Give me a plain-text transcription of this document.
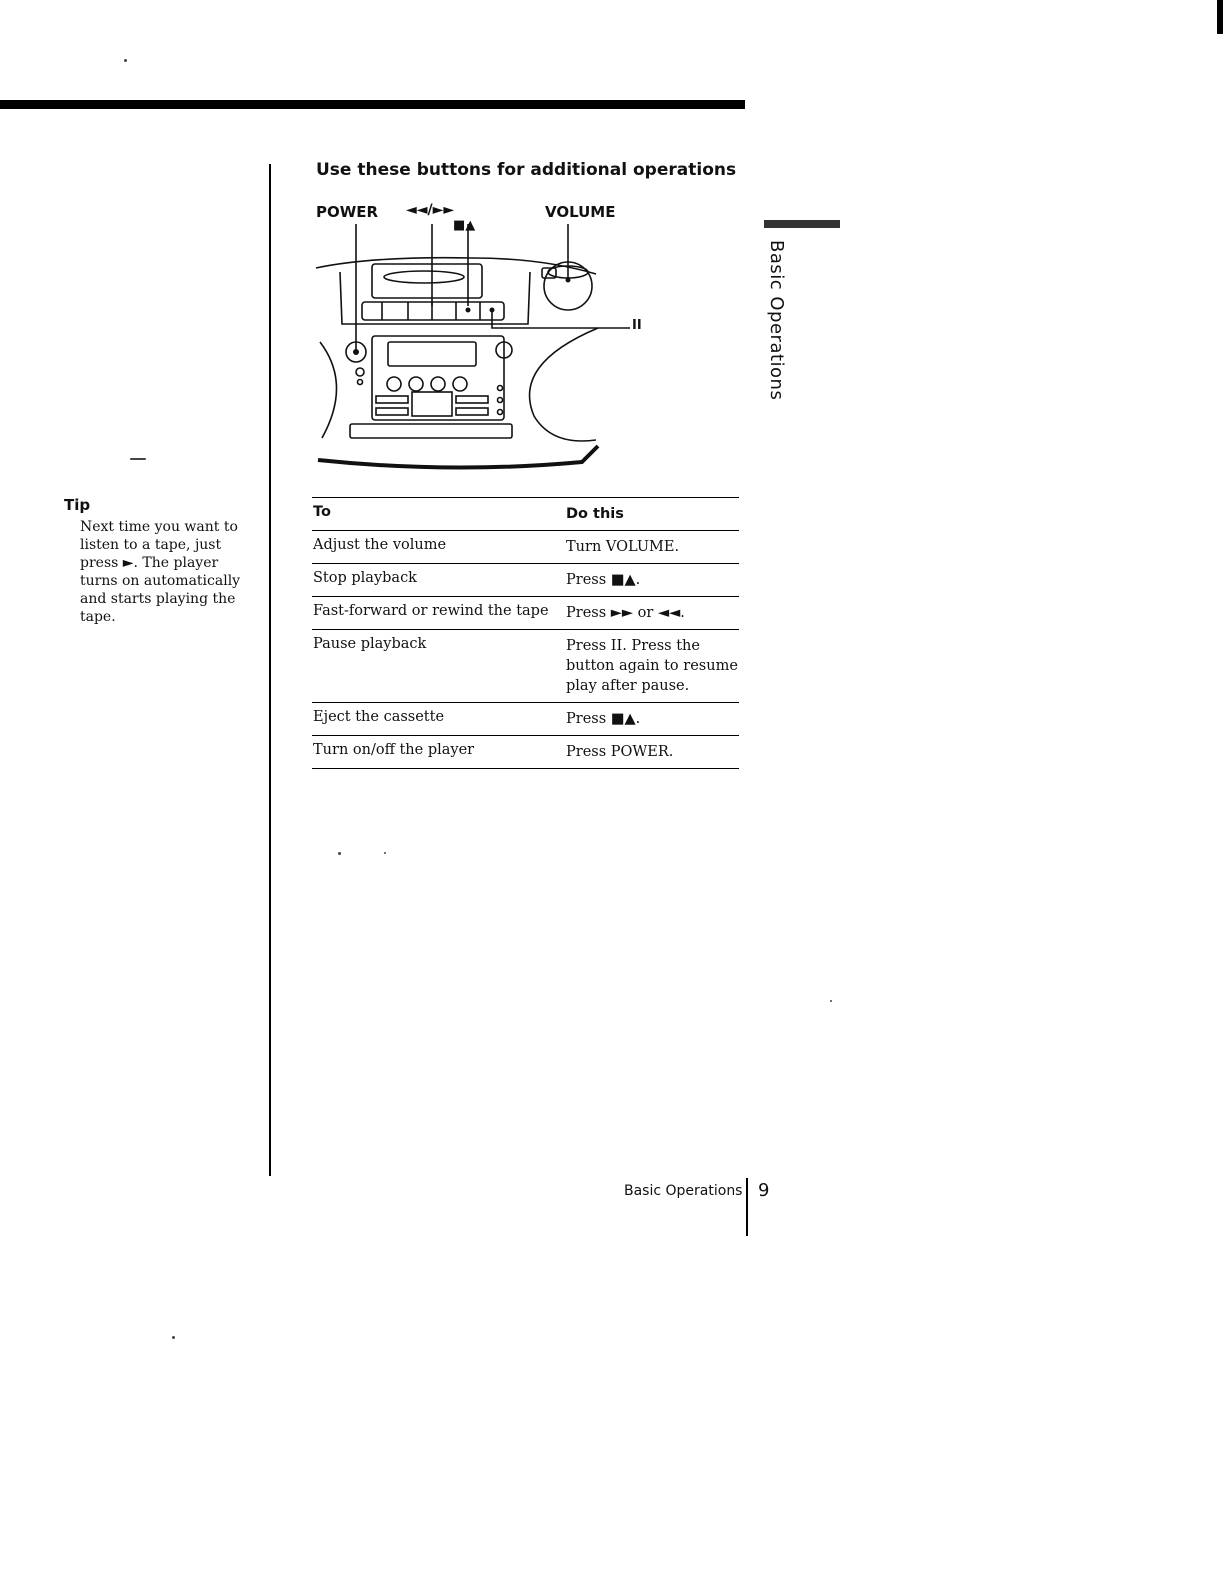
Use these buttons for additional operations
POWER ◄◄/►►
■▲
VOLUME
II	Basic Operations
Tip
Next time you want to listen to a tape, just press ►. The player turns on automatically and starts playing the tape.
To	Do this
Adjust the volume	Turn VOLUME.
Stop playback	Press ■▲.
Fast-forward or rewind the tape	Press ►► or ◄◄.
Pause playback	Press II. Press the button again to resume play after pause.
Eject the cassette	Press ■▲.
Turn on/off the player	Press POWER.
Basic Operations 9
